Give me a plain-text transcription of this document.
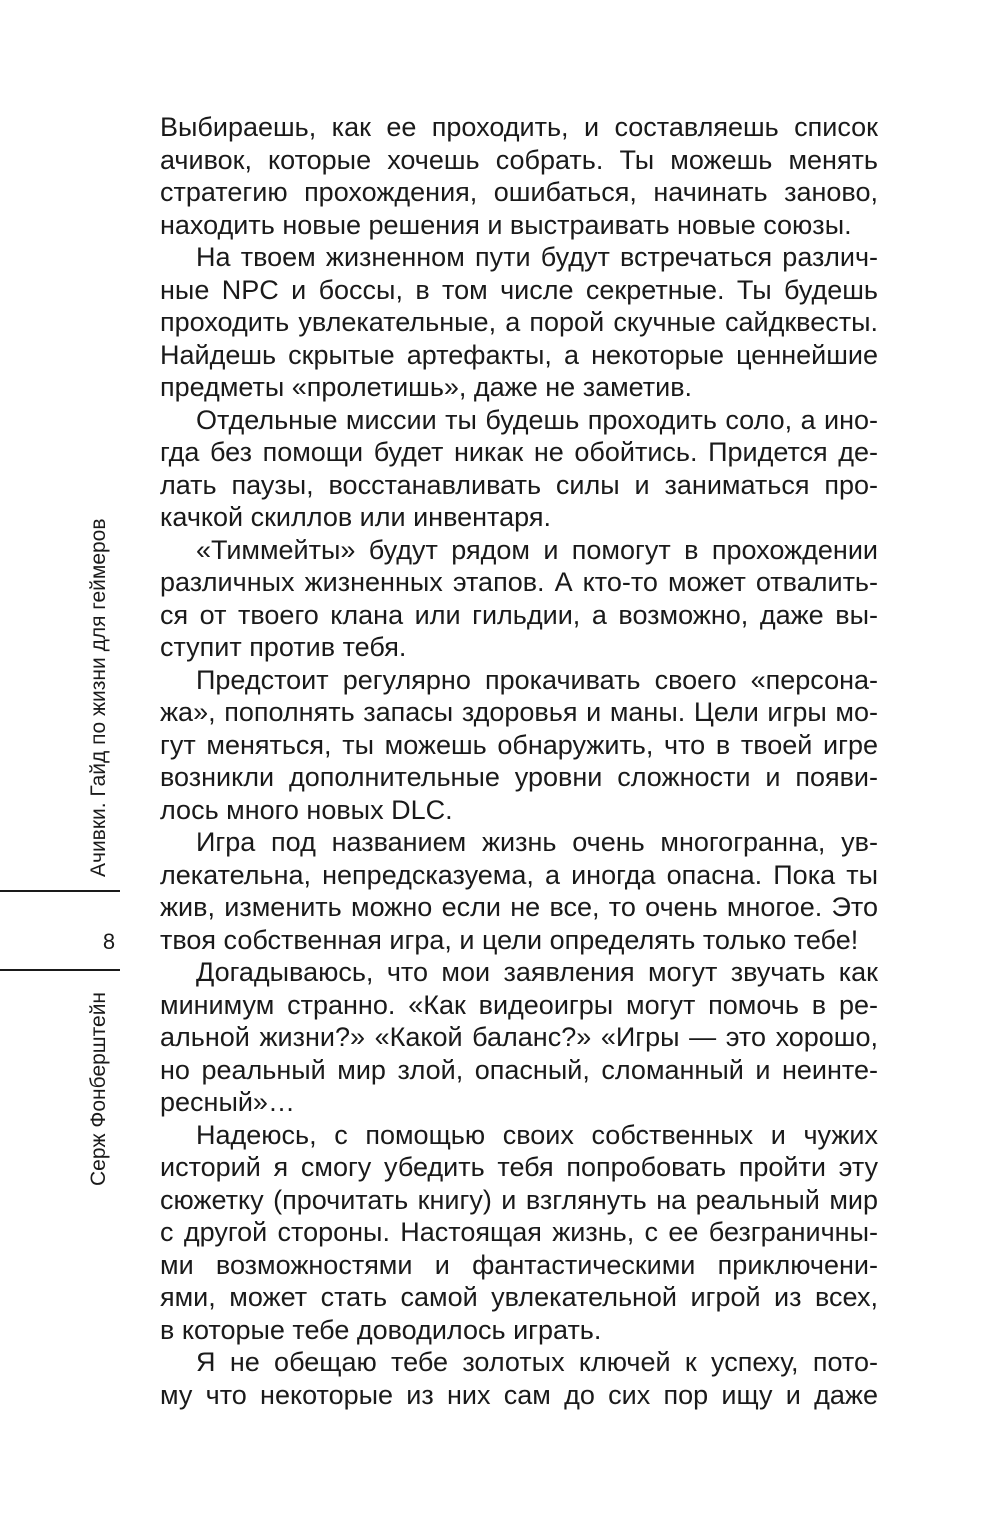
Ачивки. Гайд по жизни для геймеров
8
Серж Фонберштейн
Выбираешь, как ее проходить, и составляешь список
ачивок, которые хочешь собрать. Ты можешь менять
стратегию прохождения, ошибаться, начинать заново,
находить новые решения и выстраивать новые союзы.
На твоем жизненном пути будут встречаться различ-
ные NPC и боссы, в том числе секретные. Ты будешь
проходить увлекательные, а порой скучные сайдквесты.
Найдешь скрытые артефакты, а некоторые ценнейшие
предметы «пролетишь», даже не заметив.
Отдельные миссии ты будешь проходить соло, а ино-
гда без помощи будет никак не обойтись. Придется де-
лать паузы, восстанавливать силы и заниматься про-
качкой скиллов или инвентаря.
«Тиммейты» будут рядом и помогут в прохождении
различных жизненных этапов. А кто-то может отвалить-
ся от твоего клана или гильдии, а возможно, даже вы-
ступит против тебя.
Предстоит регулярно прокачивать своего «персона-
жа», пополнять запасы здоровья и маны. Цели игры мо-
гут меняться, ты можешь обнаружить, что в твоей игре
возникли дополнительные уровни сложности и появи-
лось много новых DLC.
Игра под названием жизнь очень многогранна, ув-
лекательна, непредсказуема, а иногда опасна. Пока ты
жив, изменить можно если не все, то очень многое. Это
твоя собственная игра, и цели определять только тебе!
Догадываюсь, что мои заявления могут звучать как
минимум странно. «Как видеоигры могут помочь в ре-
альной жизни?» «Какой баланс?» «Игры — это хорошо,
но реальный мир злой, опасный, сломанный и неинте-
ресный»…
Надеюсь, с помощью своих собственных и чужих
историй я смогу убедить тебя попробовать пройти эту
сюжетку (прочитать книгу) и взглянуть на реальный мир
с другой стороны. Настоящая жизнь, с ее безграничны-
ми возможностями и фантастическими приключени-
ями, может стать самой увлекательной игрой из всех,
в которые тебе доводилось играть.
Я не обещаю тебе золотых ключей к успеху, пото-
му что некоторые из них сам до сих пор ищу и даже
